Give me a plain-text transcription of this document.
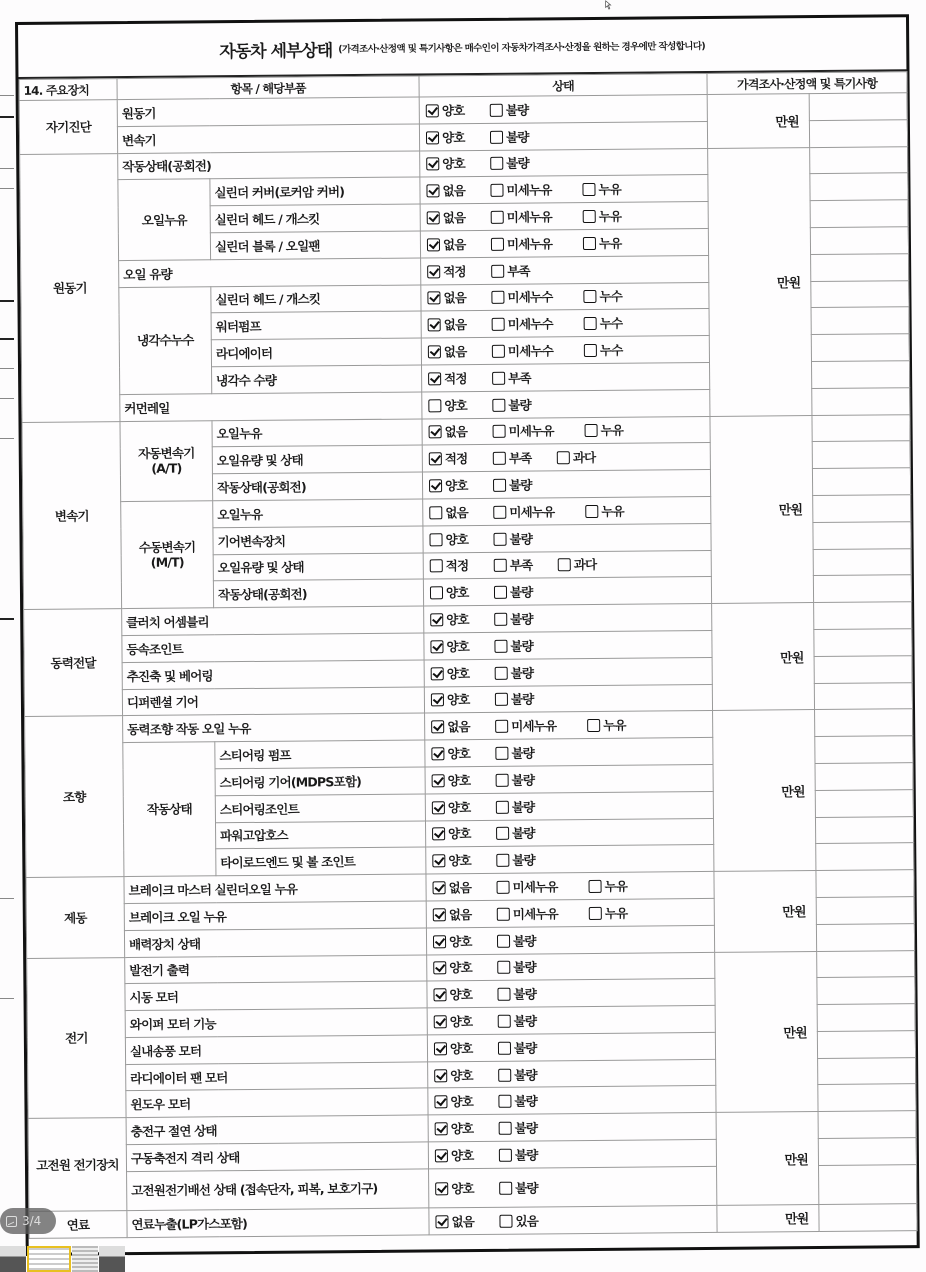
자동차 세부상태 (가격조사·산정액 및 특기사항은 매수인이 자동차가격조사·산정을 원하는 경우에만 작성합니다)
14. 주요장치	항목 / 해당부품		상태	가격조사·산정액 및 특기사항	
자기진단	원동기		양호 불량	만원	
	변속기		양호 불량		
원동기	작동상태(공회전)		양호 불량	만원	
	오일누유	실린더 커버(로커암 커버)	없음 미세누유 누유		
		실린더 헤드 / 개스킷	없음 미세누유 누유		
		실린더 블록 / 오일팬	없음 미세누유 누유		
	오일 유량		적정 부족		
	냉각수누수	실린더 헤드 / 개스킷	없음 미세누수 누수		
		워터펌프	없음 미세누수 누수		
		라디에이터	없음 미세누수 누수		
		냉각수 수량	적정 부족		
	커먼레일		양호 불량		
변속기	자동변속기 (A/T)	오일누유	없음 미세누유 누유	만원	
		오일유량 및 상태	적정 부족 과다		
		작동상태(공회전)	양호 불량		
	수동변속기 (M/T)	오일누유	없음 미세누유 누유		
		기어변속장치	양호 불량		
		오일유량 및 상태	적정 부족 과다		
		작동상태(공회전)	양호 불량		
동력전달	클러치 어셈블리		양호 불량	만원	
	등속조인트		양호 불량		
	추진축 및 베어링		양호 불량		
	디퍼렌셜 기어		양호 불량		
조향	동력조향 작동 오일 누유		없음 미세누유 누유	만원	
	작동상태	스티어링 펌프	양호 불량		
		스티어링 기어(MDPS포함)	양호 불량		
		스티어링조인트	양호 불량		
		파워고압호스	양호 불량		
		타이로드엔드 및 볼 조인트	양호 불량		
제동	브레이크 마스터 실린더오일 누유		없음 미세누유 누유	만원	
	브레이크 오일 누유		없음 미세누유 누유		
	배력장치 상태		양호 불량		
전기	발전기 출력		양호 불량	만원	
	시동 모터		양호 불량		
	와이퍼 모터 기능		양호 불량		
	실내송풍 모터		양호 불량		
	라디에이터 팬 모터		양호 불량		
	윈도우 모터		양호 불량		
고전원 전기장치	충전구 절연 상태		양호 불량	만원	
	구동축전지 격리 상태		양호 불량		
	고전원전기배선 상태 (접속단자, 피복, 보호기구)		양호 불량		
연료	연료누출(LP가스포함)		없음 있음	만원	
3/4
